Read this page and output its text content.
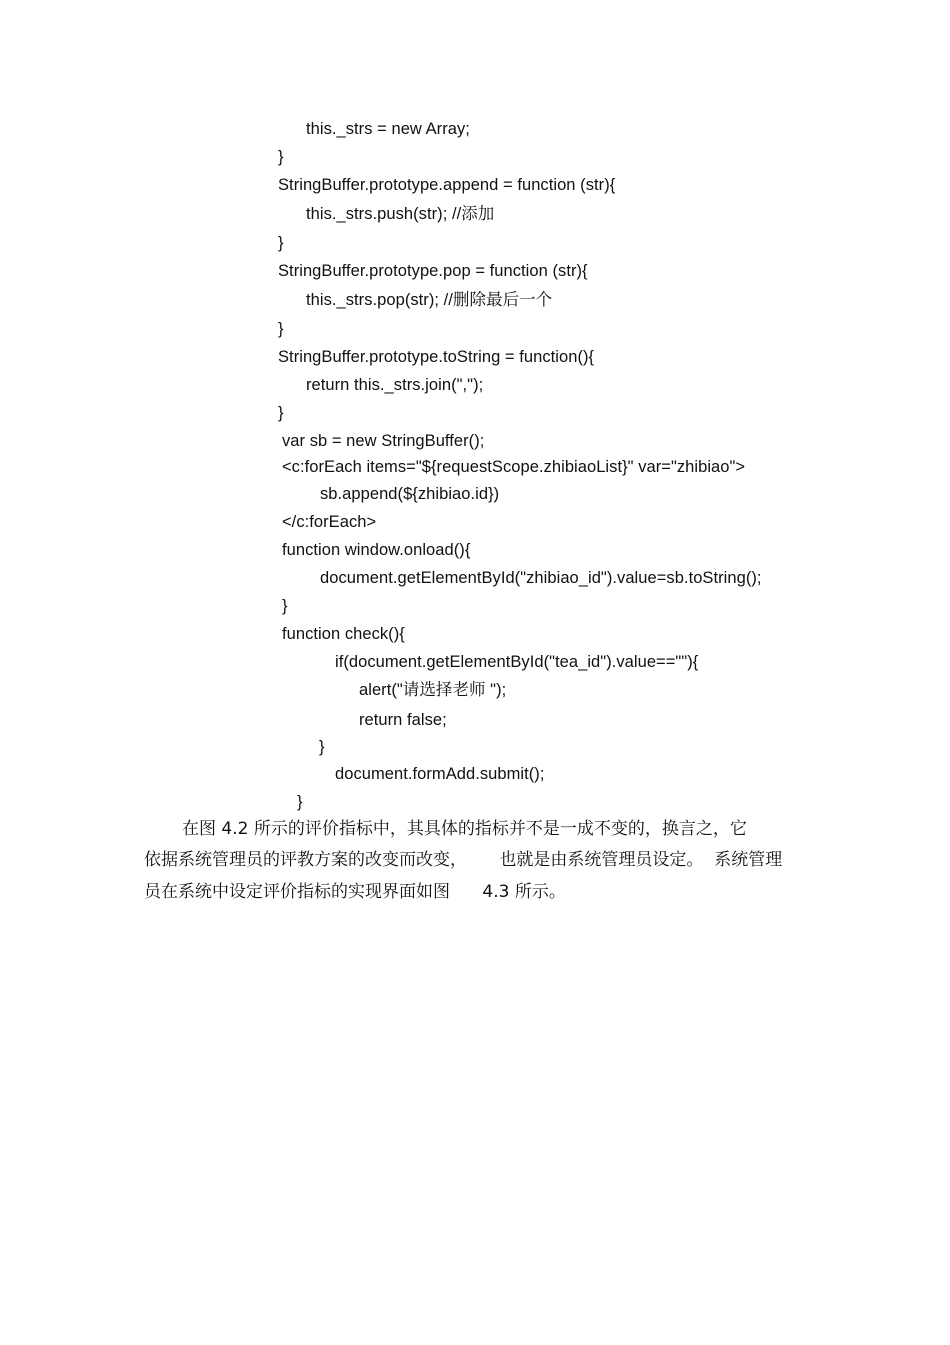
this._strs = new Array;
}
StringBuffer.prototype.append = function (str){
this._strs.push(str); //添加
}
StringBuffer.prototype.pop = function (str){
this._strs.pop(str); //删除最后一个
}
StringBuffer.prototype.toString = function(){
return this._strs.join(",");
}
var sb = new StringBuffer();
<c:forEach items="${requestScope.zhibiaoList}" var="zhibiao">
sb.append(${zhibiao.id})
</c:forEach>
function window.onload(){
document.getElementById("zhibiao_id").value=sb.toString();
}
function check(){
if(document.getElementById("tea_id").value==""){
alert("请选择老师 ");
return false;
}
document.formAdd.submit();
}
在图 4.2 所示的评价指标中，其具体的指标并不是一成不变的，换言之，它
依据系统管理员的评教方案的改变而改变，      也就是由系统管理员设定。  系统管理
员在系统中设定评价指标的实现界面如图      4.3 所示。
